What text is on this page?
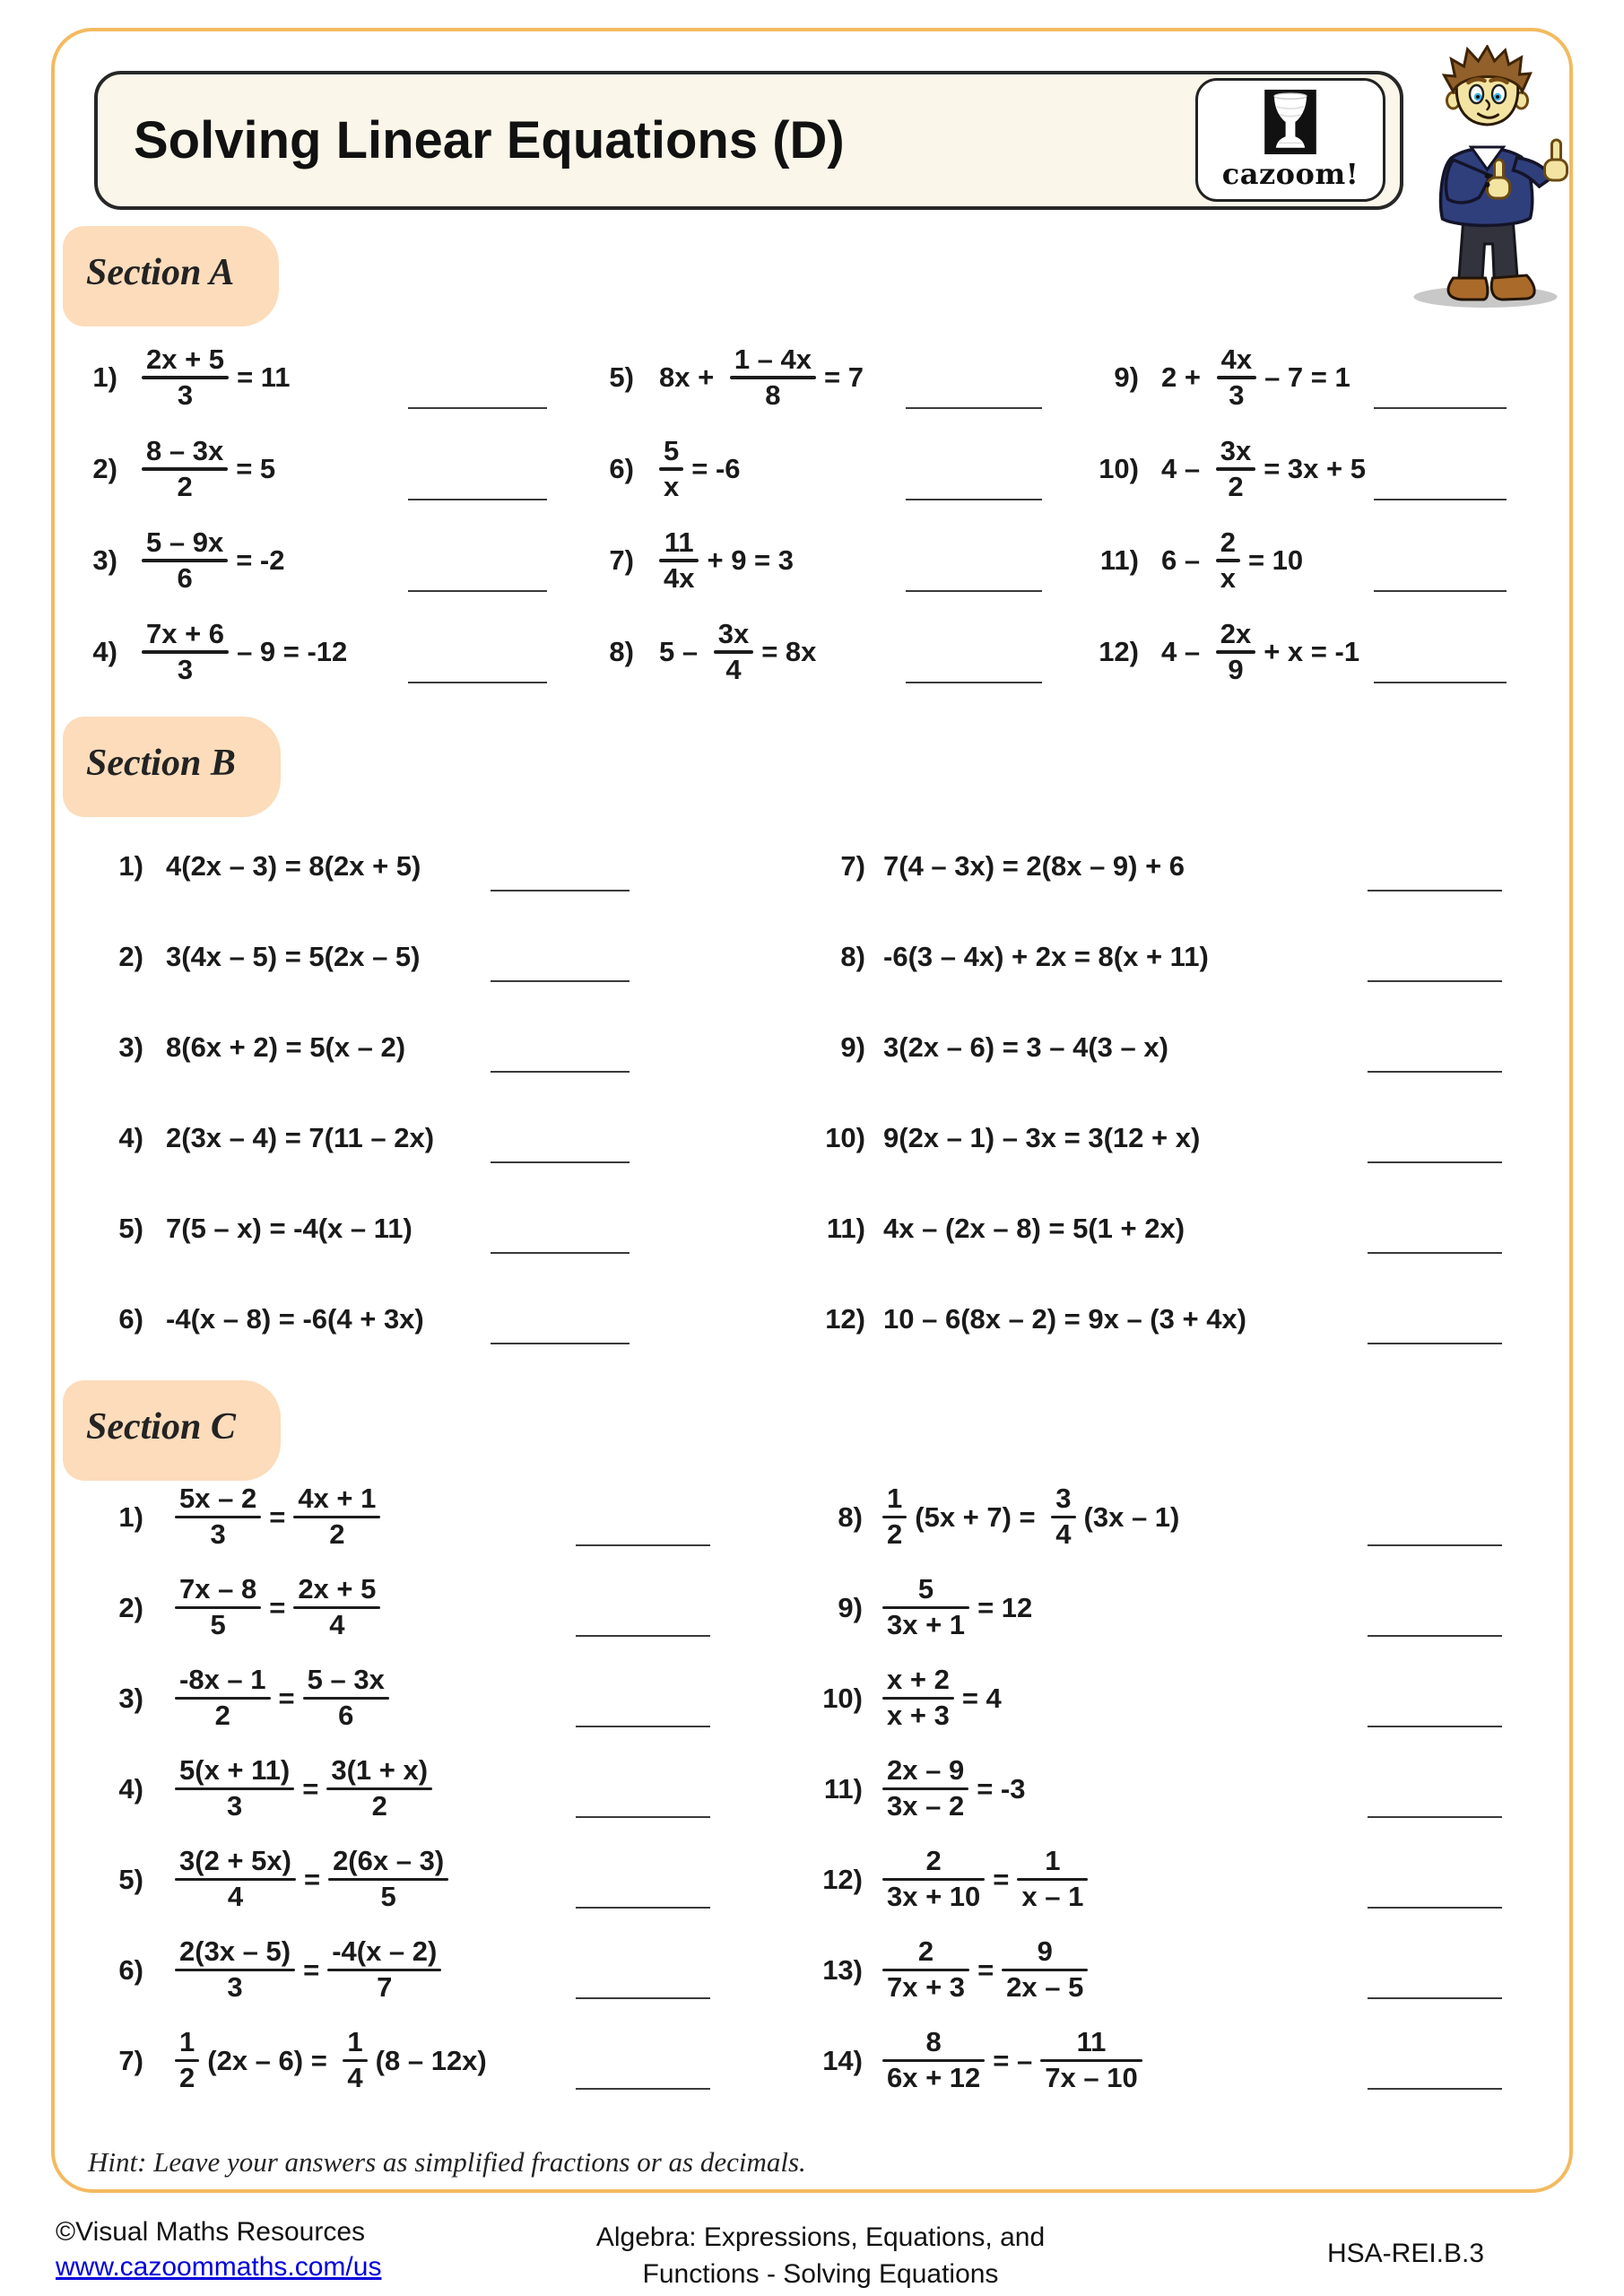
Solving Linear Equations (D)
cazoom!
Section A
Section B
Section C
$1) \frac{2x + 5}{3} = 11$
$2) \frac{8 - 3x}{2} = 5$
$3) \frac{5 - 9x}{6} = -2$
$4) \frac{7x + 6}{3} - 9 = -12$
5) $8x + \frac{1 - 4x}{8} = 7$
$6) \frac{5}{x} = -6$
$7) \frac{11}{4x} + 9 = 3$
8) $5 - \frac{3x}{4} = 8x$
9) $2 + \frac{4x}{3} - 7 = 1$
10) $4 - \frac{3x}{2} = 3x + 5$
11) $6 - \frac{2}{x} = 10$
12) $4 - \frac{2x}{9} + x = -1$
1) 4(2x – 3) = 8(2x + 5)
2) 3(4x – 5) = 5(2x – 5)
3) 8(6x + 2) = 5(x – 2)
4) 2(3x – 4) = 7(11 – 2x)
5) 7(5 – x) = -4(x – 11)
6) -4(x – 8) = -6(4 + 3x)
7) 7(4 – 3x) = 2(8x – 9) + 6
8) -6(3 – 4x) + 2x = 8(x + 11)
9) 3(2x – 6) = 3 – 4(3 – x)
10) 9(2x – 1) – 3x = 3(12 + x)
11) 4x – (2x – 8) = 5(1 + 2x)
12) 10 – 6(8x – 2) = 9x – (3 + 4x)
$1) \frac{5x - 2}{3} = \frac{4x + 1}{2}$
$2) \frac{7x - 8}{5} = \frac{2x + 5}{4}$
$3) \frac{-8x - 1}{2} = \frac{5 - 3x}{6}$
$4) \frac{5(x + 11)}{3} = \frac{3(1 + x)}{2}$
$5) \frac{3(2 + 5x)}{4} = \frac{2(6x - 3)}{5}$
$6) \frac{2(3x - 5)}{3} = \frac{-4(x - 2)}{7}$
$7) \frac{1}{2} (2x - 6) = \frac{1}{4} (8 - 12x)$
$8) \frac{1}{2} (5x + 7) = \frac{3}{4} (3x - 1)$
$9) \frac{5}{3x + 1} = 12$
$10) \frac{x + 2}{x + 3} = 4$
$11) \frac{2x - 9}{3x - 2} = -3$
$12) \frac{2}{3x + 10} = \frac{1}{x - 1}$
$13) \frac{2}{7x + 3} = \frac{9}{2x - 5}$
$14) \frac{8}{6x + 12}$ = – $\frac{11}{7x - 10}$
Hint: Leave your answers as simplified fractions or as decimals.
©Visual Maths Resources
www.cazoommaths.com/us
Algebra: Expressions, Equations, and
Functions - Solving Equations
HSA-REI.B.3
